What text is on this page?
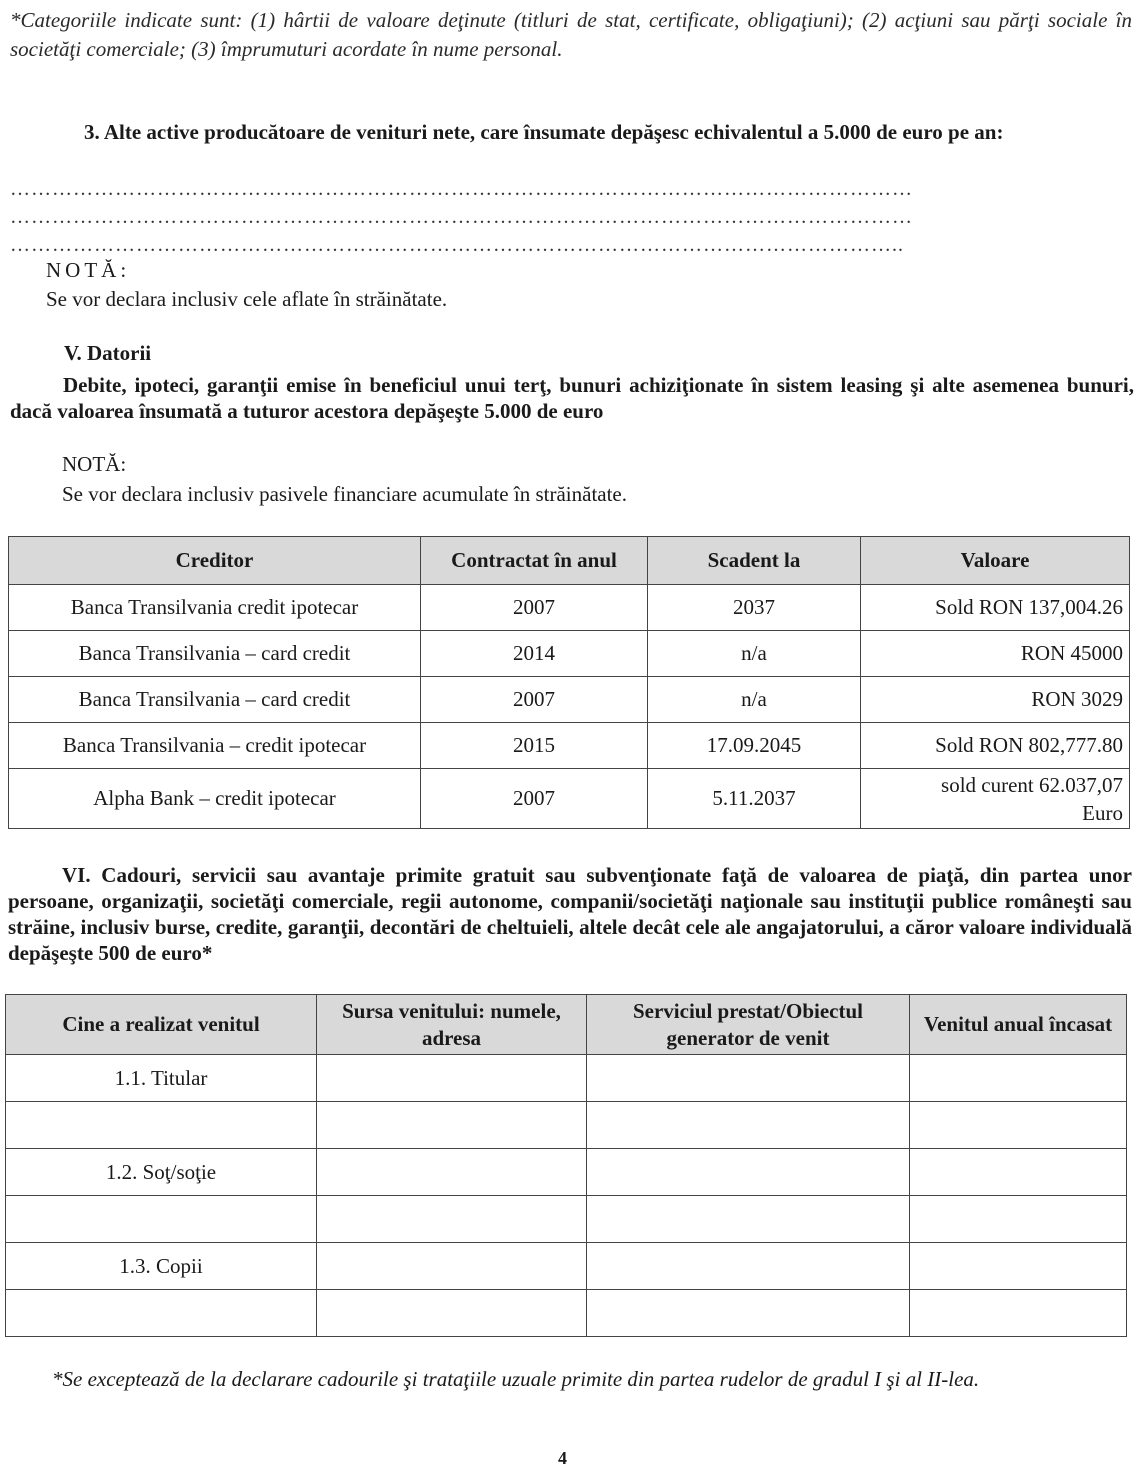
*Categoriile indicate sunt: (1) hârtii de valoare deţinute (titluri de stat, certificate, obligaţiuni); (2) acţiuni sau părţi sociale în societăţi comerciale; (3) împrumuturi acordate în nume personal.
3. Alte active producătoare de venituri nete, care însumate depăşesc echivalentul a 5.000 de euro pe an:
…………………………………………………………………………………………………………………
…………………………………………………………………………………………………………………
………………………………………………………………………………………………………………..
NOTĂ:
Se vor declara inclusiv cele aflate în străinătate.
V. Datorii
Debite, ipoteci, garanţii emise în beneficiul unui terţ, bunuri achiziţionate în sistem leasing şi alte asemenea bunuri, dacă valoarea însumată a tuturor acestora depăşeşte 5.000 de euro
NOTĂ:
Se vor declara inclusiv pasivele financiare acumulate în străinătate.
Creditor	Contractat în anul	Scadent la	Valoare
Banca Transilvania credit ipotecar	2007	2037	Sold RON 137,004.26
Banca Transilvania – card credit	2014	n/a	RON 45000
Banca Transilvania – card credit	2007	n/a	RON 3029
Banca Transilvania – credit ipotecar	2015	17.09.2045	Sold RON 802,777.80
Alpha Bank – credit ipotecar	2007	5.11.2037	sold curent 62.037,07 Euro
VI. Cadouri, servicii sau avantaje primite gratuit sau subvenţionate faţă de valoarea de piaţă, din partea unor persoane, organizaţii, societăţi comerciale, regii autonome, companii/societăţi naţionale sau instituţii publice româneşti sau străine, inclusiv burse, credite, garanţii, decontări de cheltuieli, altele decât cele ale angajatorului, a căror valoare individuală depăşeşte 500 de euro*
Cine a realizat venitul	Sursa venitului: numele, adresa	Serviciul prestat/Obiectul generator de venit	Venitul anual încasat
1.1. Titular			

1.2. Soţ/soţie			

1.3. Copii			

*Se exceptează de la declarare cadourile şi trataţiile uzuale primite din partea rudelor de gradul I şi al II-lea.
4
